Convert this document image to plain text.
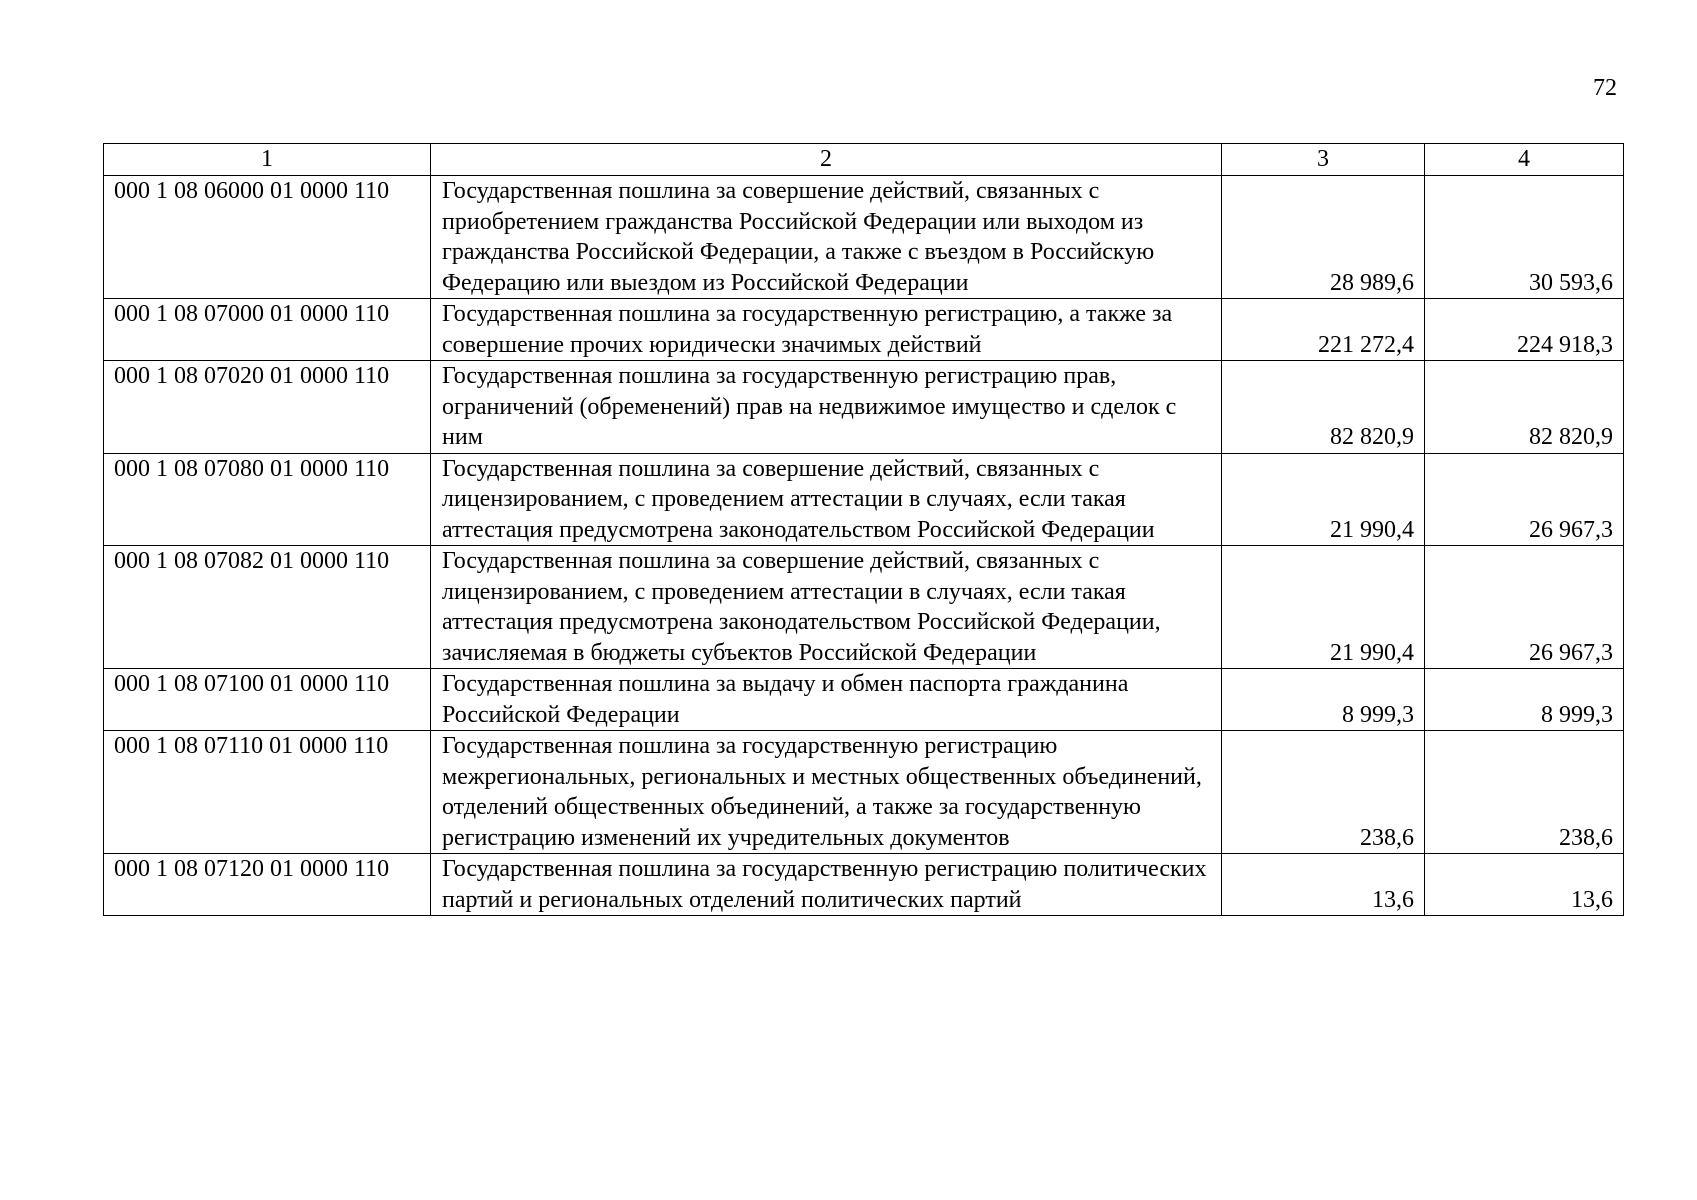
72
1	2	3	4
000 1 08 06000 01 0000 110	Государственная пошлина за совершение действий, связанных с приобретением гражданства Российской Федерации или выходом из гражданства Российской Федерации, а также с въездом в Российскую Федерацию или выездом из Российской Федерации	28 989,6	30 593,6
000 1 08 07000 01 0000 110	Государственная пошлина за государственную регистрацию, а также за совершение прочих юридически значимых действий	221 272,4	224 918,3
000 1 08 07020 01 0000 110	Государственная пошлина за государственную регистрацию прав, ограничений (обременений) прав на недвижимое имущество и сделок с ним	82 820,9	82 820,9
000 1 08 07080 01 0000 110	Государственная пошлина за совершение действий, связанных с лицензированием, с проведением аттестации в случаях, если такая аттестация предусмотрена законодательством Российской Федерации	21 990,4	26 967,3
000 1 08 07082 01 0000 110	Государственная пошлина за совершение действий, связанных с лицензированием, с проведением аттестации в случаях, если такая аттестация предусмотрена законодательством Российской Федерации, зачисляемая в бюджеты субъектов Российской Федерации	21 990,4	26 967,3
000 1 08 07100 01 0000 110	Государственная пошлина за выдачу и обмен паспорта гражданина Российской Федерации	8 999,3	8 999,3
000 1 08 07110 01 0000 110	Государственная пошлина за государственную регистрацию межрегиональных, региональных и местных общественных объединений, отделений общественных объединений, а также за государственную регистрацию изменений их учредительных документов	238,6	238,6
000 1 08 07120 01 0000 110	Государственная пошлина за государственную регистрацию политических партий и региональных отделений политических партий	13,6	13,6
